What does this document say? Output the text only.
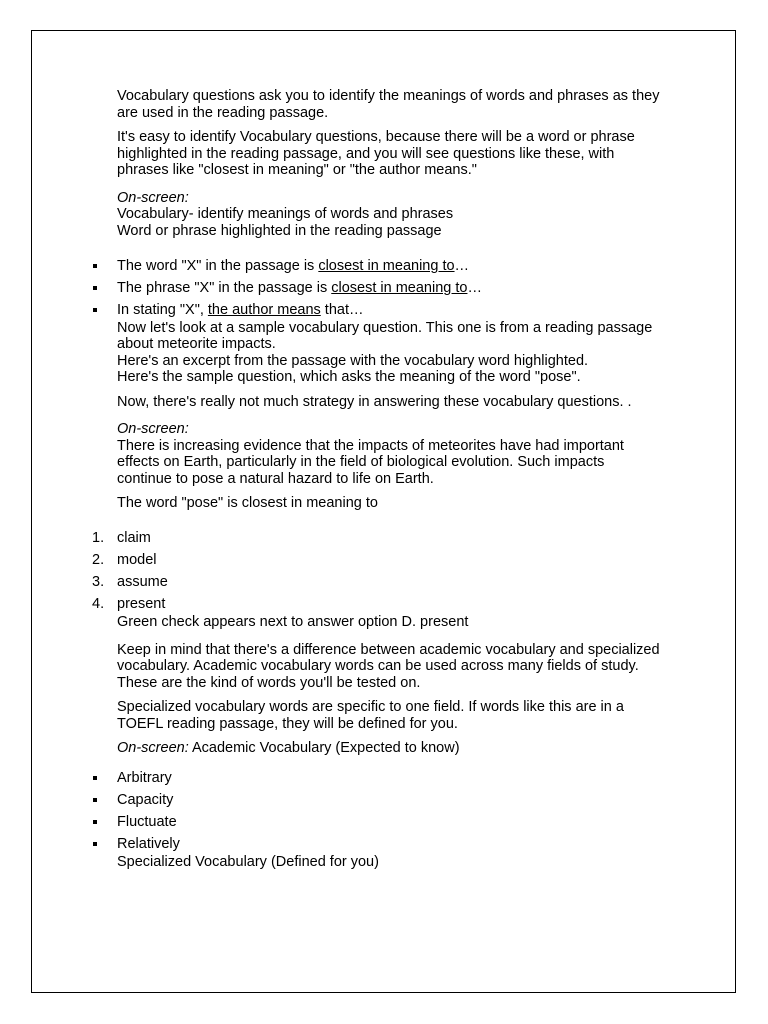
Vocabulary questions ask you to identify the meanings of words and phrases as they are used in the reading passage.

It's easy to identify Vocabulary questions, because there will be a word or phrase highlighted in the reading passage, and you will see questions like these, with phrases like "closest in meaning" or "the author means."

On-screen:
Vocabulary- identify meanings of words and phrases
Word or phrase highlighted in the reading passage

The word "X" in the passage is closest in meaning to…
The phrase "X" in the passage is closest in meaning to…
In stating "X", the author means that…

Now let's look at a sample vocabulary question. This one is from a reading passage about meteorite impacts.
Here's an excerpt from the passage with the vocabulary word highlighted.
Here's the sample question, which asks the meaning of the word "pose".

Now, there's really not much strategy in answering these vocabulary questions. .

On-screen:
There is increasing evidence that the impacts of meteorites have had important effects on Earth, particularly in the field of biological evolution. Such impacts continue to pose a natural hazard to life on Earth.

The word "pose" is closest in meaning to

1. claim
2. model
3. assume
4. present

Green check appears next to answer option D. present

Keep in mind that there's a difference between academic vocabulary and specialized vocabulary. Academic vocabulary words can be used across many fields of study. These are the kind of words you'll be tested on.

Specialized vocabulary words are specific to one field. If words like this are in a TOEFL reading passage, they will be defined for you.

On-screen: Academic Vocabulary (Expected to know)

Arbitrary
Capacity
Fluctuate
Relatively

Specialized Vocabulary (Defined for you)
